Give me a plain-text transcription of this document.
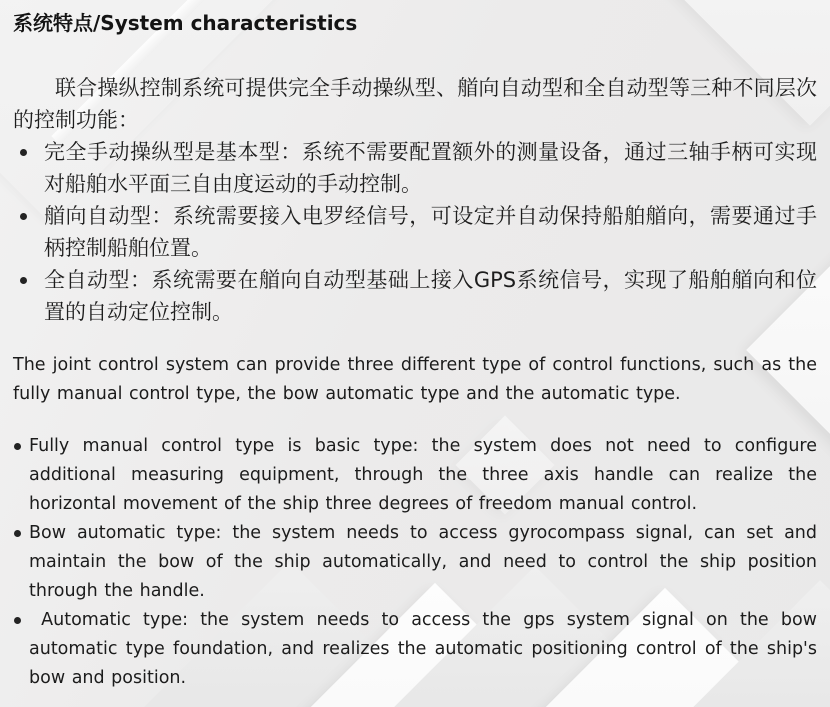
系统特点/System characteristics

联合操纵控制系统可提供完全手动操纵型、艏向自动型和全自动型等三种不同层次的控制功能：

完全手动操纵型是基本型：系统不需要配置额外的测量设备，通过三轴手柄可实现对船舶水平面三自由度运动的手动控制。
艏向自动型：系统需要接入电罗经信号，可设定并自动保持船舶艏向，需要通过手柄控制船舶位置。
全自动型：系统需要在艏向自动型基础上接入GPS系统信号，实现了船舶艏向和位置的自动定位控制。

The joint control system can provide three different type of control functions, such as the fully manual control type, the bow automatic type and the automatic type.

Fully manual control type is basic type: the system does not need to configure additional measuring equipment, through the three axis handle can realize the horizontal movement of the ship three degrees of freedom manual control.
Bow automatic type: the system needs to access gyrocompass signal, can set and maintain the bow of the ship automatically, and need to control the ship position through the handle.
Automatic type: the system needs to access the gps system signal on the bow automatic type foundation, and realizes the automatic positioning control of the ship's bow and position.
